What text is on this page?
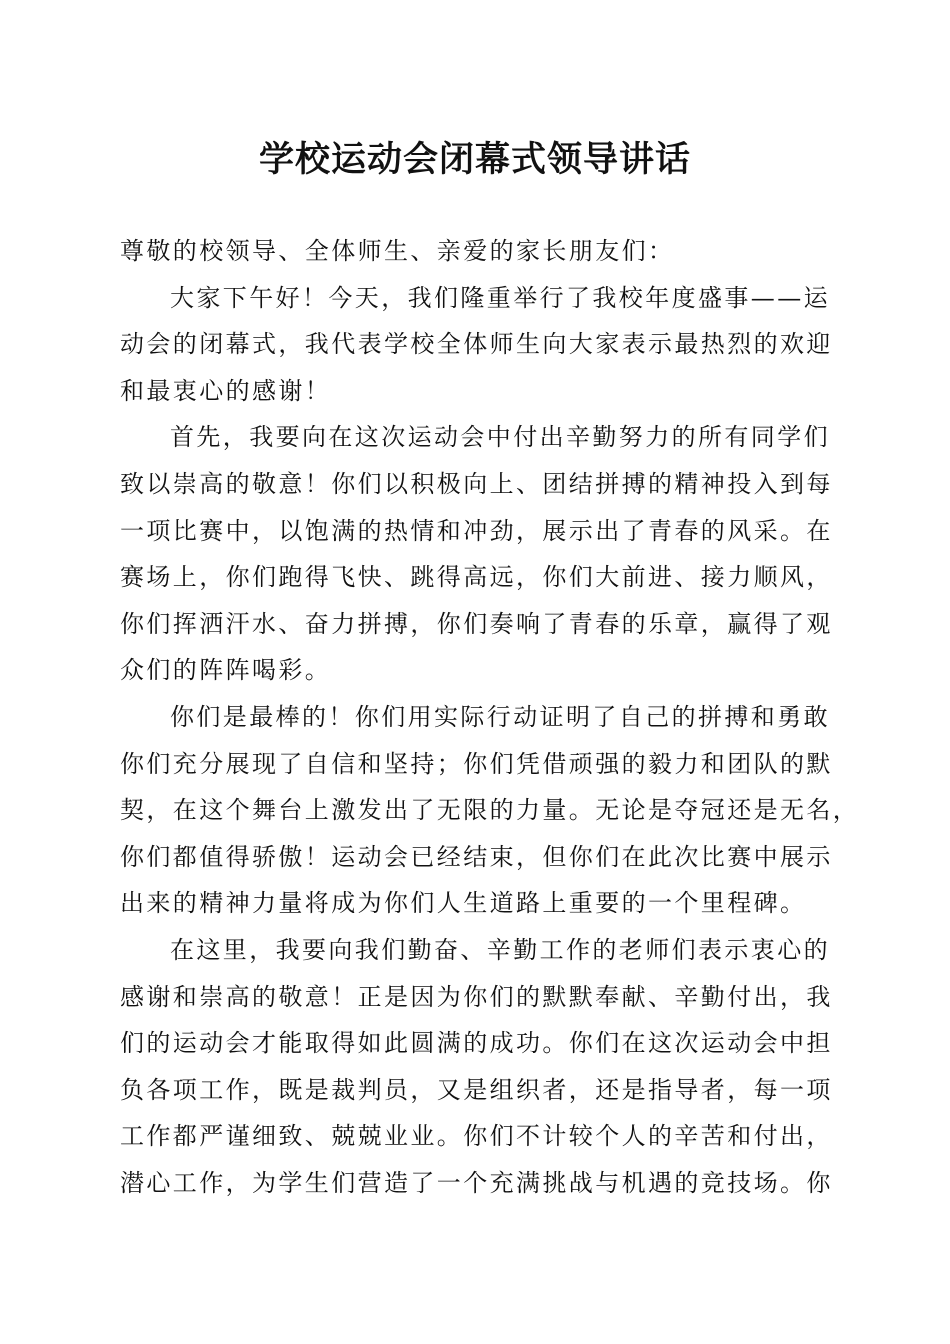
学校运动会闭幕式领导讲话

尊敬的校领导、全体师生、亲爱的家长朋友们：

大家下午好！今天，我们隆重举行了我校年度盛事——运
动会的闭幕式，我代表学校全体师生向大家表示最热烈的欢迎
和最衷心的感谢！

首先，我要向在这次运动会中付出辛勤努力的所有同学们
致以崇高的敬意！你们以积极向上、团结拼搏的精神投入到每
一项比赛中，以饱满的热情和冲劲，展示出了青春的风采。在
赛场上，你们跑得飞快、跳得高远，你们大前进、接力顺风，
你们挥洒汗水、奋力拼搏，你们奏响了青春的乐章，赢得了观
众们的阵阵喝彩。

你们是最棒的！你们用实际行动证明了自己的拼搏和勇敢
你们充分展现了自信和坚持；你们凭借顽强的毅力和团队的默
契，在这个舞台上激发出了无限的力量。无论是夺冠还是无名，
你们都值得骄傲！运动会已经结束，但你们在此次比赛中展示
出来的精神力量将成为你们人生道路上重要的一个里程碑。

在这里，我要向我们勤奋、辛勤工作的老师们表示衷心的
感谢和崇高的敬意！正是因为你们的默默奉献、辛勤付出，我
们的运动会才能取得如此圆满的成功。你们在这次运动会中担
负各项工作，既是裁判员，又是组织者，还是指导者，每一项
工作都严谨细致、兢兢业业。你们不计较个人的辛苦和付出，
潜心工作，为学生们营造了一个充满挑战与机遇的竞技场。你
